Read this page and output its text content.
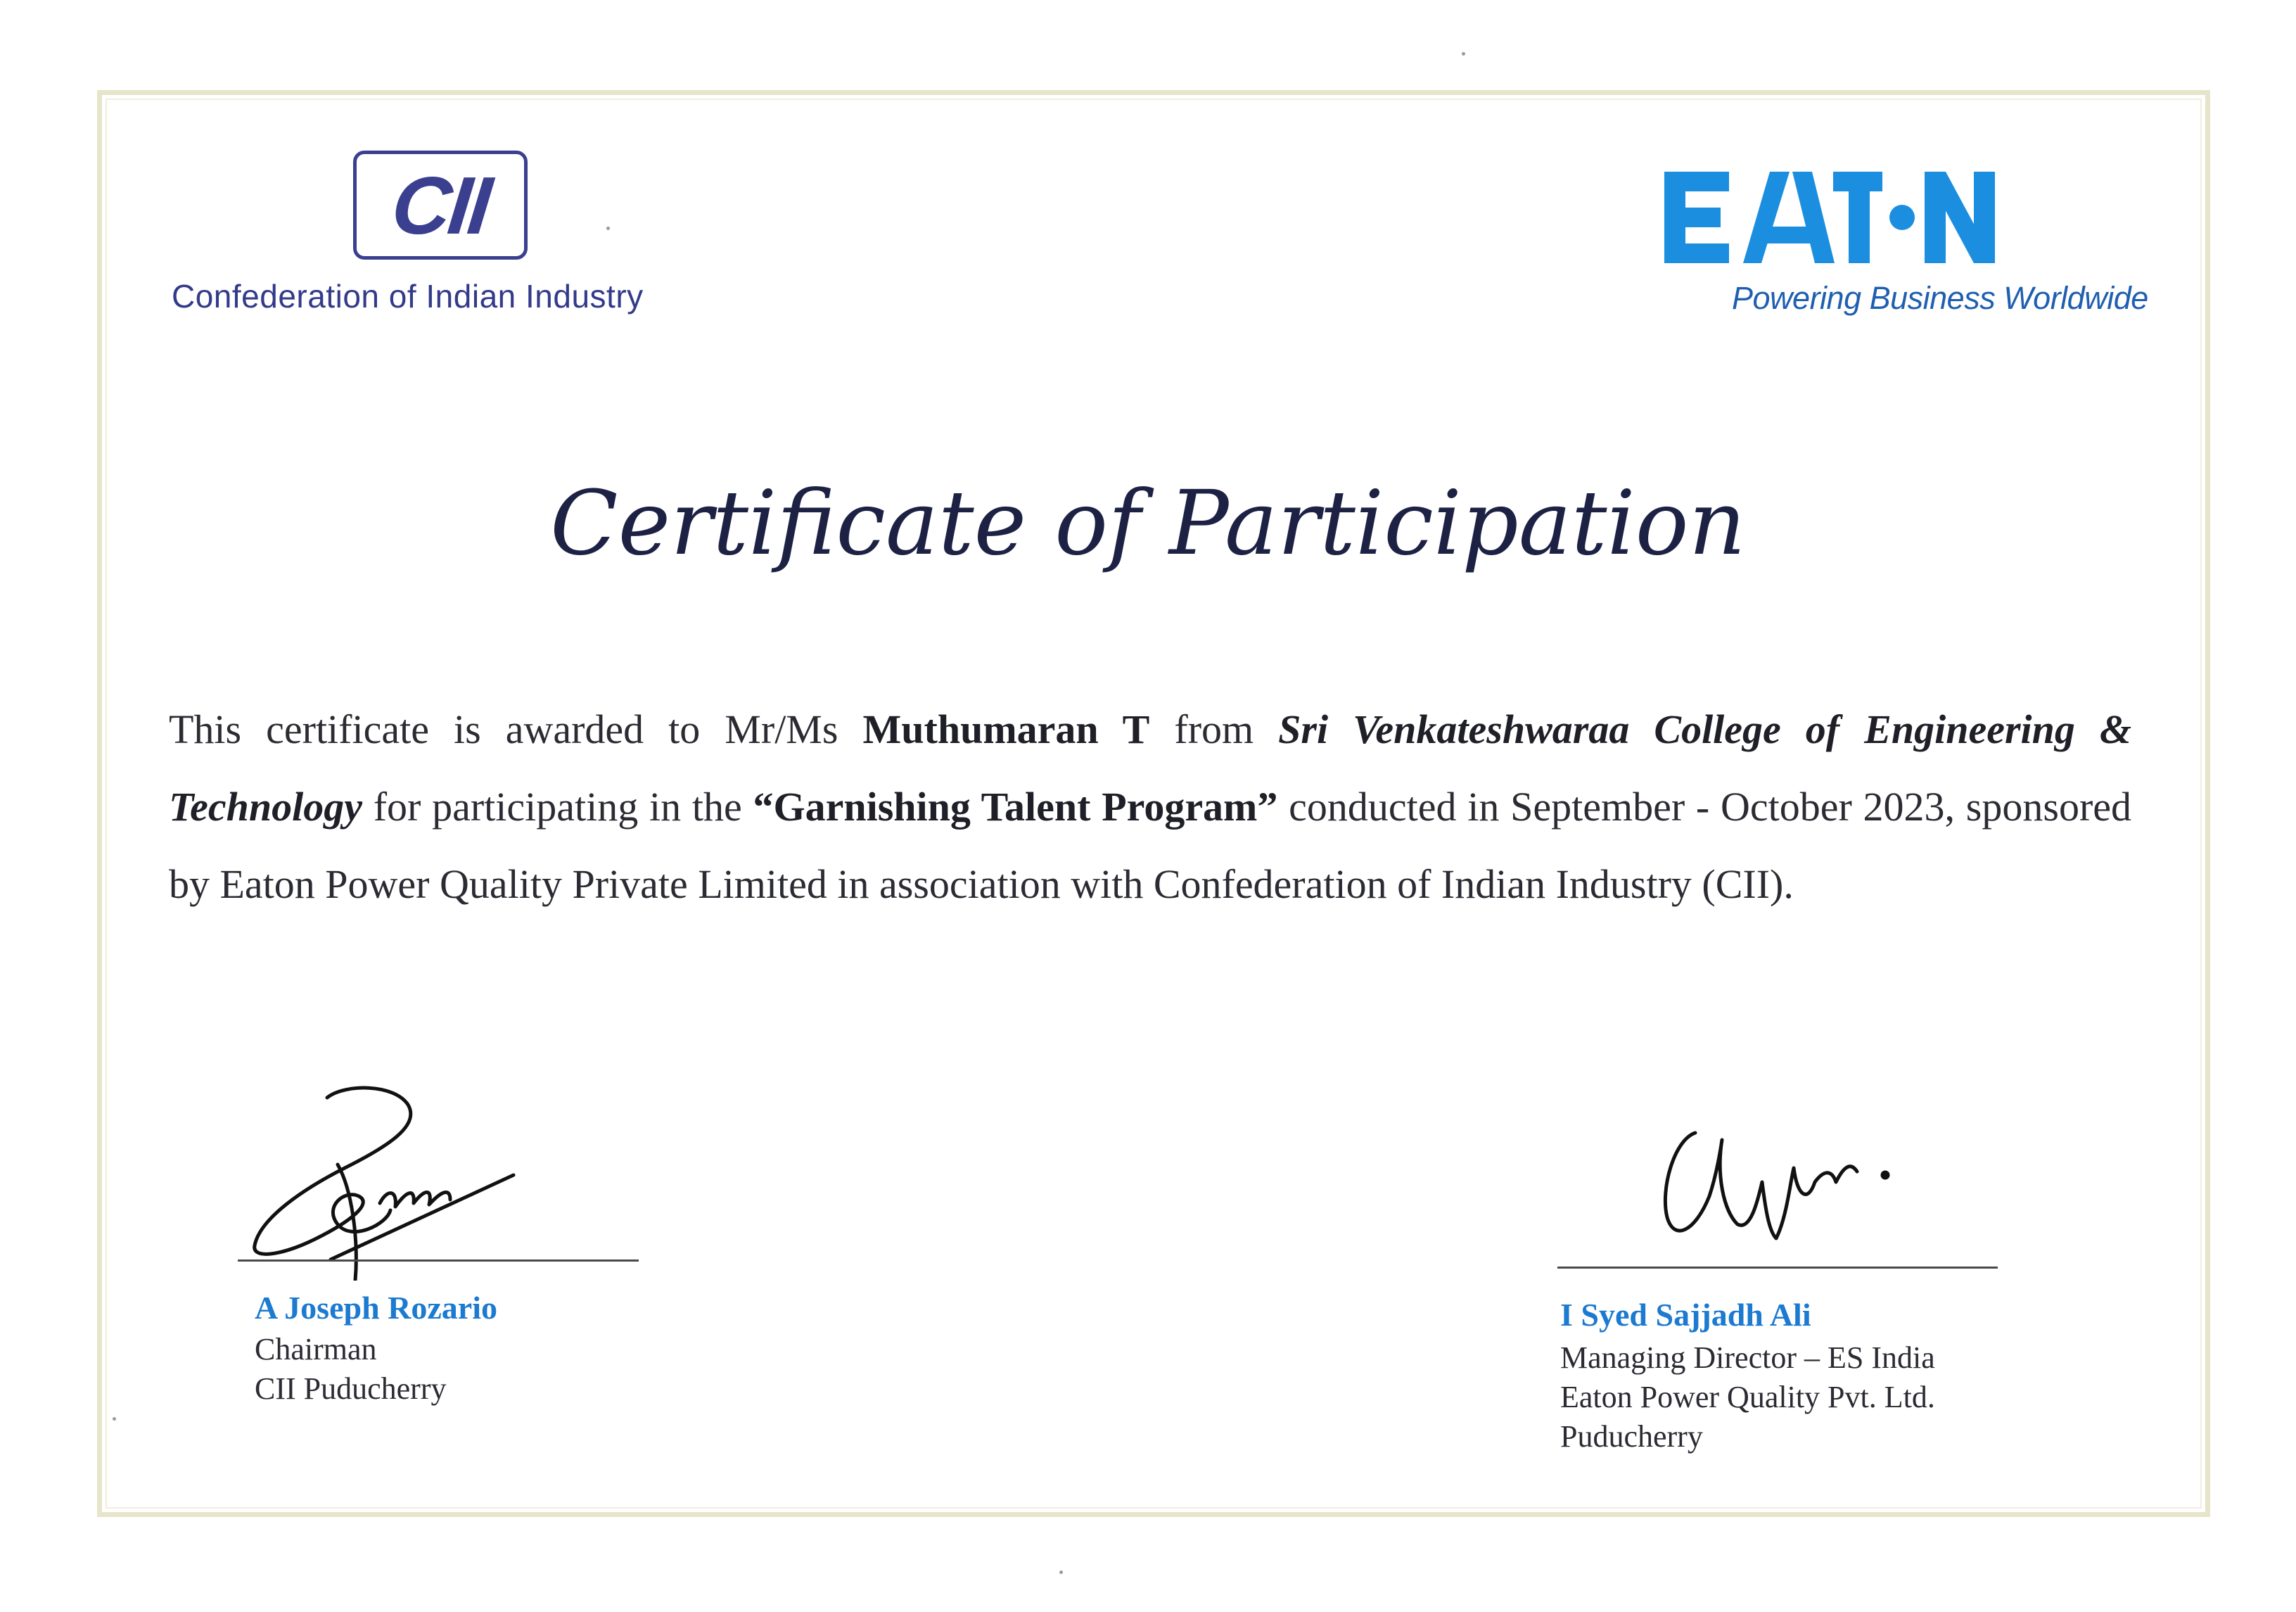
CII
Confederation of Indian Industry	Powering Business Worldwide
Certificate of Participation
This certificate is awarded to Mr/Ms Muthumaran T from Sri Venkateshwaraa College of Engineering & Technology for participating in the “Garnishing Talent Program” conducted in September - October 2023, sponsored by Eaton Power Quality Private Limited in association with Confederation of Indian Industry (CII).
A Joseph Rozario
Chairman
CII Puducherry
I Syed Sajjadh Ali
Managing Director – ES India
Eaton Power Quality Pvt. Ltd.
Puducherry
